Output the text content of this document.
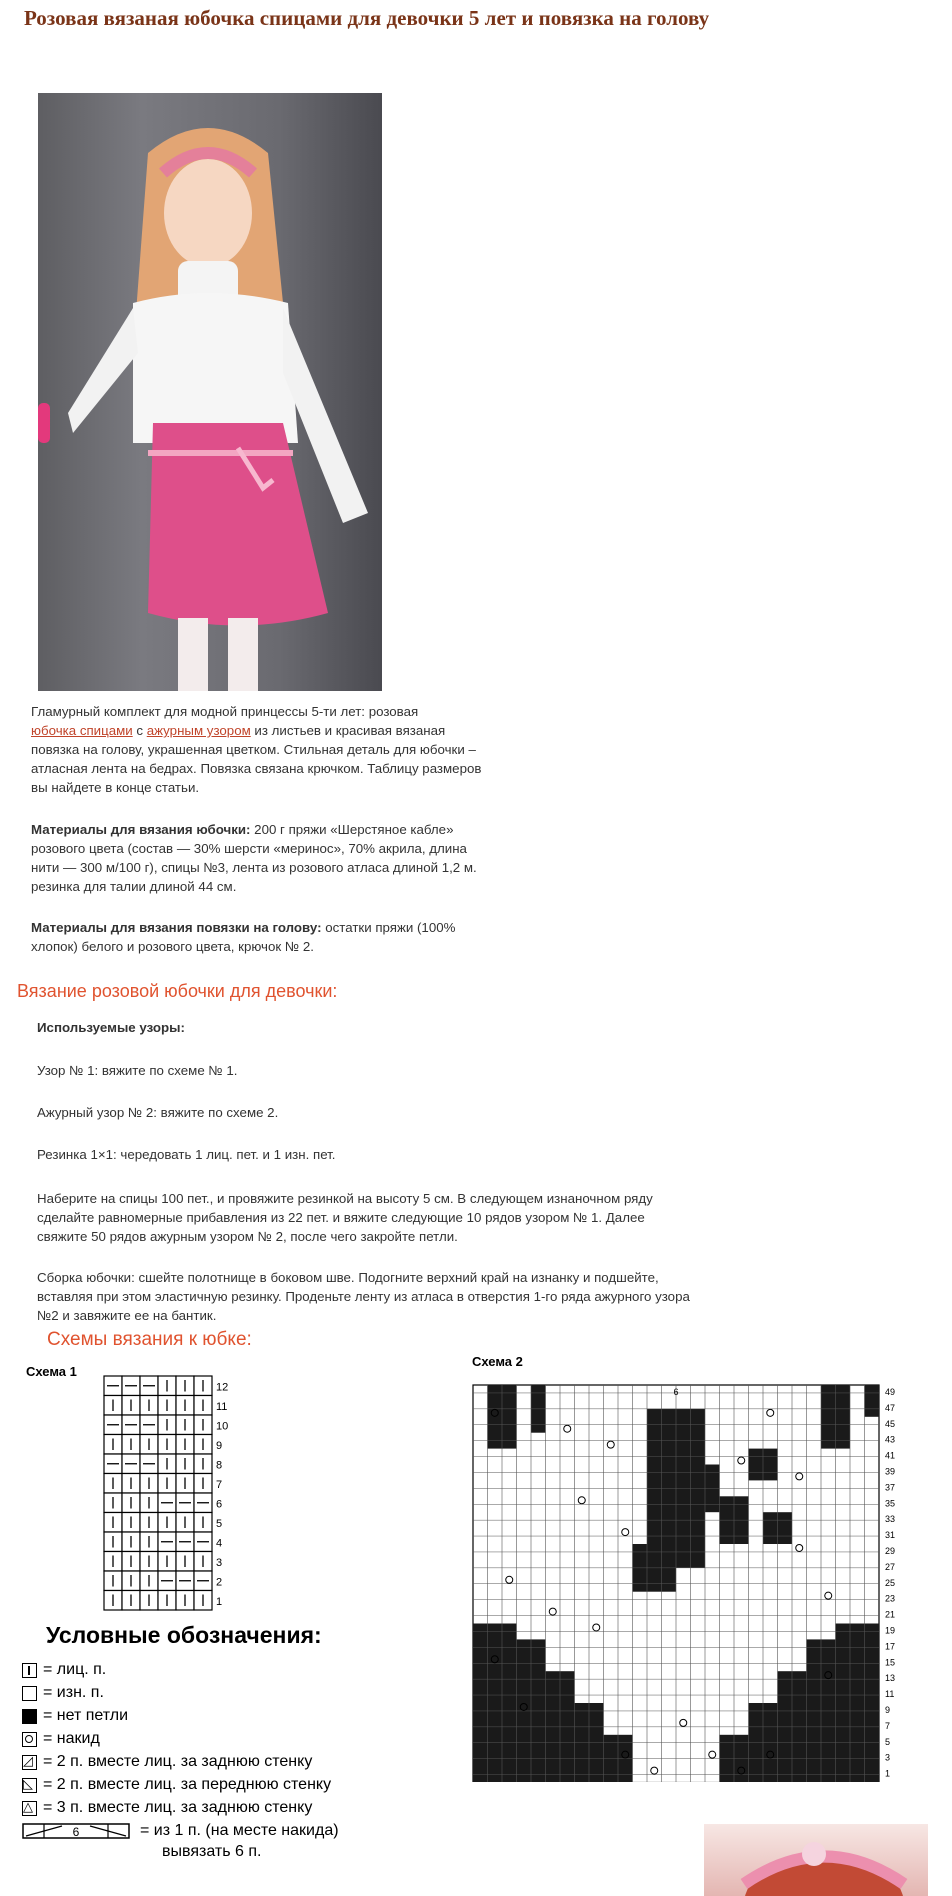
Розовая вязаная юбочка спицами для девочки 5 лет и повязка на голову

Гламурный комплект для модной принцессы 5-ти лет: розовая
юбочка спицами с ажурным узором из листьев и красивая вязаная повязка на голову, украшенная цветком. Стильная деталь для юбочки – атласная лента на бедрах. Повязка связана крючком. Таблицу размеров вы найдете в конце статьи.

Материалы для вязания юбочки: 200 г пряжи «Шерстяное кабле» розового цвета (состав — 30% шерсти «меринос», 70% акрила, длина нити — 300 м/100 г), спицы №3, лента из розового атласа длиной 1,2 м. резинка для талии длиной 44 см.

Материалы для вязания повязки на голову: остатки пряжи (100% хлопок) белого и розового цвета, крючок № 2.

Вязание розовой юбочки для девочки:

Используемые узоры:

Узор № 1: вяжите по схеме № 1.

Ажурный узор № 2: вяжите по схеме 2.

Резинка 1×1: чередовать 1 лиц. пет. и 1 изн. пет.

Наберите на спицы 100 пет., и провяжите резинкой на высоту 5 см. В следующем изнаночном ряду сделайте равномерные прибавления из 22 пет. и вяжите следующие 10 рядов узором № 1. Далее свяжите 50 рядов ажурным узором № 2, после чего закройте петли.

Сборка юбочки: сшейте полотнище в боковом шве. Подогните верхний край на изнанку и подшейте, вставляя при этом эластичную резинку. Проденьте ленту из атласа в отверстия 1-го ряда ажурного узора №2 и завяжите ее на бантик.

Схемы вязания к юбке:
Схема 1
12
11
10
9
8
7
6
5
4
3
2
1
Схема 2
6	49
47
45
43
41
39
37
35
33
31
29
27
25
23
21
19
17
15
13
11
9
7
5
3
1
Условные обозначения:
= лиц. п.
= изн. п.
= нет петли
= накид
◿
= 2 п. вместе лиц. за заднюю стенку
◺
= 2 п. вместе лиц. за переднюю стенку
△
= 3 п. вместе лиц. за заднюю стенку
6	= из 1 п. (на месте накида)
вывязать 6 п.
